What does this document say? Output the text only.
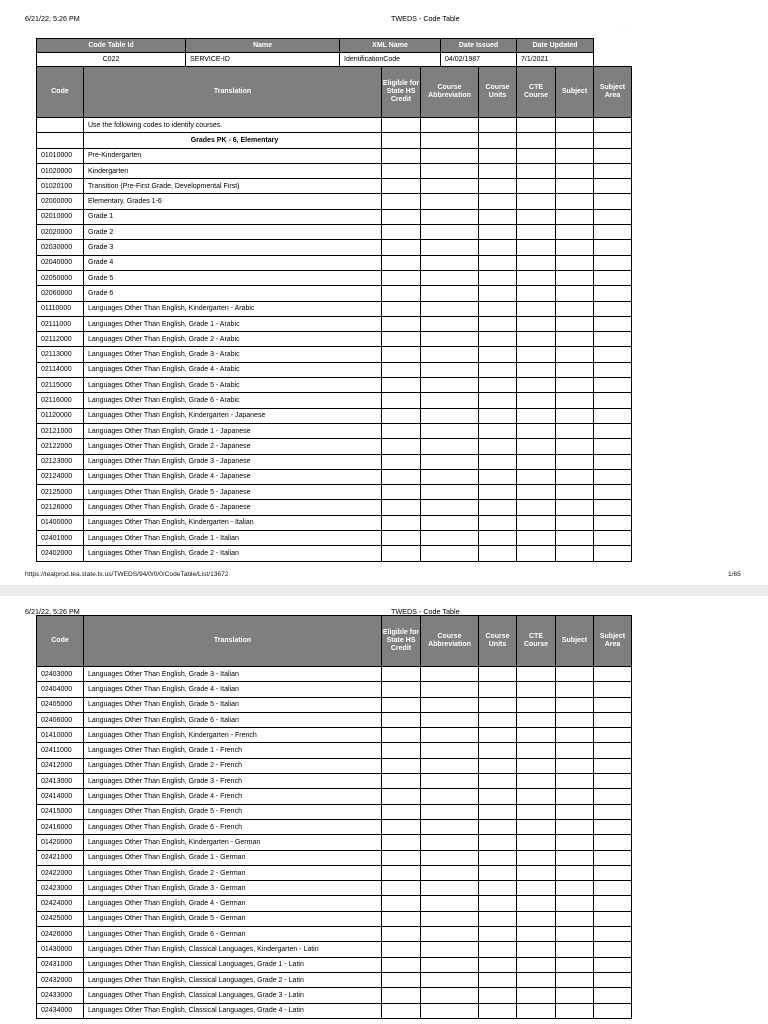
6/21/22, 5:26 PM	TWEDS - Code Table
· · ·
Code Table Id		Name	XML Name			Date Issued		Date Updated		
C022		SERVICE-ID	IdentificationCode			04/02/1987		7/1/2021		
Code	Translation			Eligible for State HS Credit	Course Abbreviation		Course Units	CTE Course	Subject	Subject Area
	Use the following codes to identify courses.									
	Grades PK - 6, Elementary									
01010000	Pre-Kindergarten									
01020000	Kindergarten									
01020100	Transition (Pre-First Grade, Developmental First)									
02000000	Elementary, Grades 1-6									
02010000	Grade 1									
02020000	Grade 2									
02030000	Grade 3									
02040000	Grade 4									
02050000	Grade 5									
02060000	Grade 6									
01110000	Languages Other Than English, Kindergarten - Arabic									
02111000	Languages Other Than English, Grade 1 - Arabic									
02112000	Languages Other Than English, Grade 2 - Arabic									
02113000	Languages Other Than English, Grade 3 - Arabic									
02114000	Languages Other Than English, Grade 4 - Arabic									
02115000	Languages Other Than English, Grade 5 - Arabic									
02116000	Languages Other Than English, Grade 6 - Arabic									
01120000	Languages Other Than English, Kindergarten - Japanese									
02121000	Languages Other Than English, Grade 1 - Japanese									
02122000	Languages Other Than English, Grade 2 - Japanese									
02123000	Languages Other Than English, Grade 3 - Japanese									
02124000	Languages Other Than English, Grade 4 - Japanese									
02125000	Languages Other Than English, Grade 5 - Japanese									
02126000	Languages Other Than English, Grade 6 - Japanese									
01400000	Languages Other Than English, Kindergarten - Italian									
02401000	Languages Other Than English, Grade 1 - Italian									
02402000	Languages Other Than English, Grade 2 - Italian									
https://tealprod.tea.state.tx.us/TWEDS/94/0/0/0/CodeTable/List/13672	1/65
6/21/22, 5:26 PM	TWEDS - Code Table
Code	Translation	Eligible for State HS Credit	Course Abbreviation	Course Units	CTE Course	Subject	Subject Area
02403000	Languages Other Than English, Grade 3 - Italian						
02404000	Languages Other Than English, Grade 4 - Italian						
02405000	Languages Other Than English, Grade 5 - Italian						
02406000	Languages Other Than English, Grade 6 - Italian						
01410000	Languages Other Than English, Kindergarten - French						
02411000	Languages Other Than English, Grade 1 - French						
02412000	Languages Other Than English, Grade 2 - French						
02413000	Languages Other Than English, Grade 3 - French						
02414000	Languages Other Than English, Grade 4 - French						
02415000	Languages Other Than English, Grade 5 - French						
02416000	Languages Other Than English, Grade 6 - French						
01420000	Languages Other Than English, Kindergarten - German						
02421000	Languages Other Than English, Grade 1 - German						
02422000	Languages Other Than English, Grade 2 - German						
02423000	Languages Other Than English, Grade 3 - German						
02424000	Languages Other Than English, Grade 4 - German						
02425000	Languages Other Than English, Grade 5 - German						
02426000	Languages Other Than English, Grade 6 - German						
01430000	Languages Other Than English, Classical Languages, Kindergarten - Latin						
02431000	Languages Other Than English, Classical Languages, Grade 1 - Latin						
02432000	Languages Other Than English, Classical Languages, Grade 2 - Latin						
02433000	Languages Other Than English, Classical Languages, Grade 3 - Latin						
02434000	Languages Other Than English, Classical Languages, Grade 4 - Latin						
